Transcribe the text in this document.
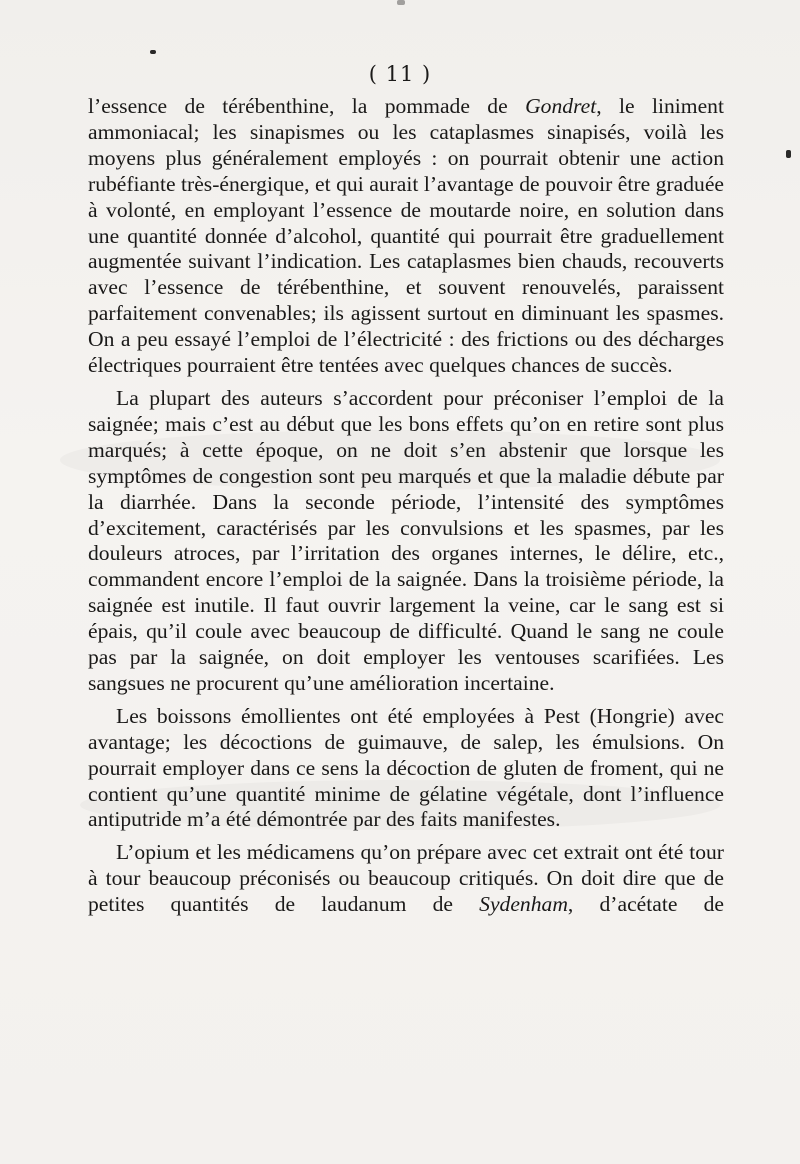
( 11 )

l’essence de térébenthine, la pommade de Gondret, le liniment ammoniacal; les sinapismes ou les cataplasmes sinapisés, voilà les moyens plus généralement employés : on pourrait obtenir une action rubéfiante très-énergique, et qui aurait l’avantage de pouvoir être graduée à volonté, en employant l’essence de moutarde noire, en solution dans une quantité donnée d’alcohol, quantité qui pourrait être graduellement augmentée suivant l’indication. Les cataplasmes bien chauds, recouverts avec l’essence de térébenthine, et souvent renouvelés, paraissent parfaitement convenables; ils agissent surtout en diminuant les spasmes. On a peu essayé l’emploi de l’électricité : des frictions ou des décharges électriques pourraient être tentées avec quelques chances de succès.

La plupart des auteurs s’accordent pour préconiser l’emploi de la saignée; mais c’est au début que les bons effets qu’on en retire sont plus marqués; à cette époque, on ne doit s’en abstenir que lorsque les symptômes de congestion sont peu marqués et que la maladie débute par la diarrhée. Dans la seconde période, l’intensité des symptômes d’excitement, caractérisés par les convulsions et les spasmes, par les douleurs atroces, par l’irritation des organes internes, le délire, etc., commandent encore l’emploi de la saignée. Dans la troisième période, la saignée est inutile. Il faut ouvrir largement la veine, car le sang est si épais, qu’il coule avec beaucoup de difficulté. Quand le sang ne coule pas par la saignée, on doit employer les ventouses scarifiées. Les sangsues ne procurent qu’une amélioration incertaine.

Les boissons émollientes ont été employées à Pest (Hongrie) avec avantage; les décoctions de guimauve, de salep, les émulsions. On pourrait employer dans ce sens la décoction de gluten de froment, qui ne contient qu’une quantité minime de gélatine végétale, dont l’influence antiputride m’a été démontrée par des faits manifestes.

L’opium et les médicamens qu’on prépare avec cet extrait ont été tour à tour beaucoup préconisés ou beaucoup critiqués. On doit dire que de petites quantités de laudanum de Sydenham, d’acétate de
